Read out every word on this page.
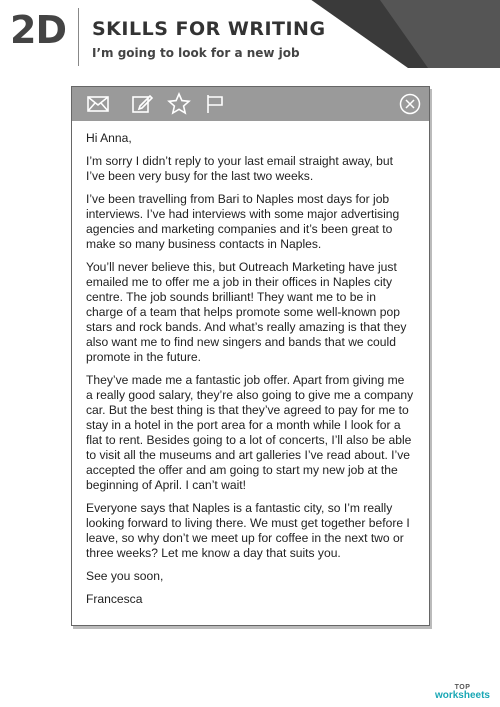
2D SKILLS FOR WRITING
I’m going to look for a new job

Hi Anna,

I’m sorry I didn’t reply to your last email straight away, but I’ve been very busy for the last two weeks.

I’ve been travelling from Bari to Naples most days for job interviews. I’ve had interviews with some major advertising agencies and marketing companies and it’s been great to make so many business contacts in Naples.

You’ll never believe this, but Outreach Marketing have just emailed me to offer me a job in their offices in Naples city centre. The job sounds brilliant! They want me to be in charge of a team that helps promote some well-known pop stars and rock bands. And what’s really amazing is that they also want me to find new singers and bands that we could promote in the future.

They’ve made me a fantastic job offer. Apart from giving me a really good salary, they’re also going to give me a company car. But the best thing is that they’ve agreed to pay for me to stay in a hotel in the port area for a month while I look for a flat to rent. Besides going to a lot of concerts, I’ll also be able to visit all the museums and art galleries I’ve read about. I’ve accepted the offer and am going to start my new job at the beginning of April. I can’t wait!

Everyone says that Naples is a fantastic city, so I’m really looking forward to living there. We must get together before I leave, so why don’t we meet up for coffee in the next two or three weeks? Let me know a day that suits you.

See you soon,

Francesca

TOP
worksheets
